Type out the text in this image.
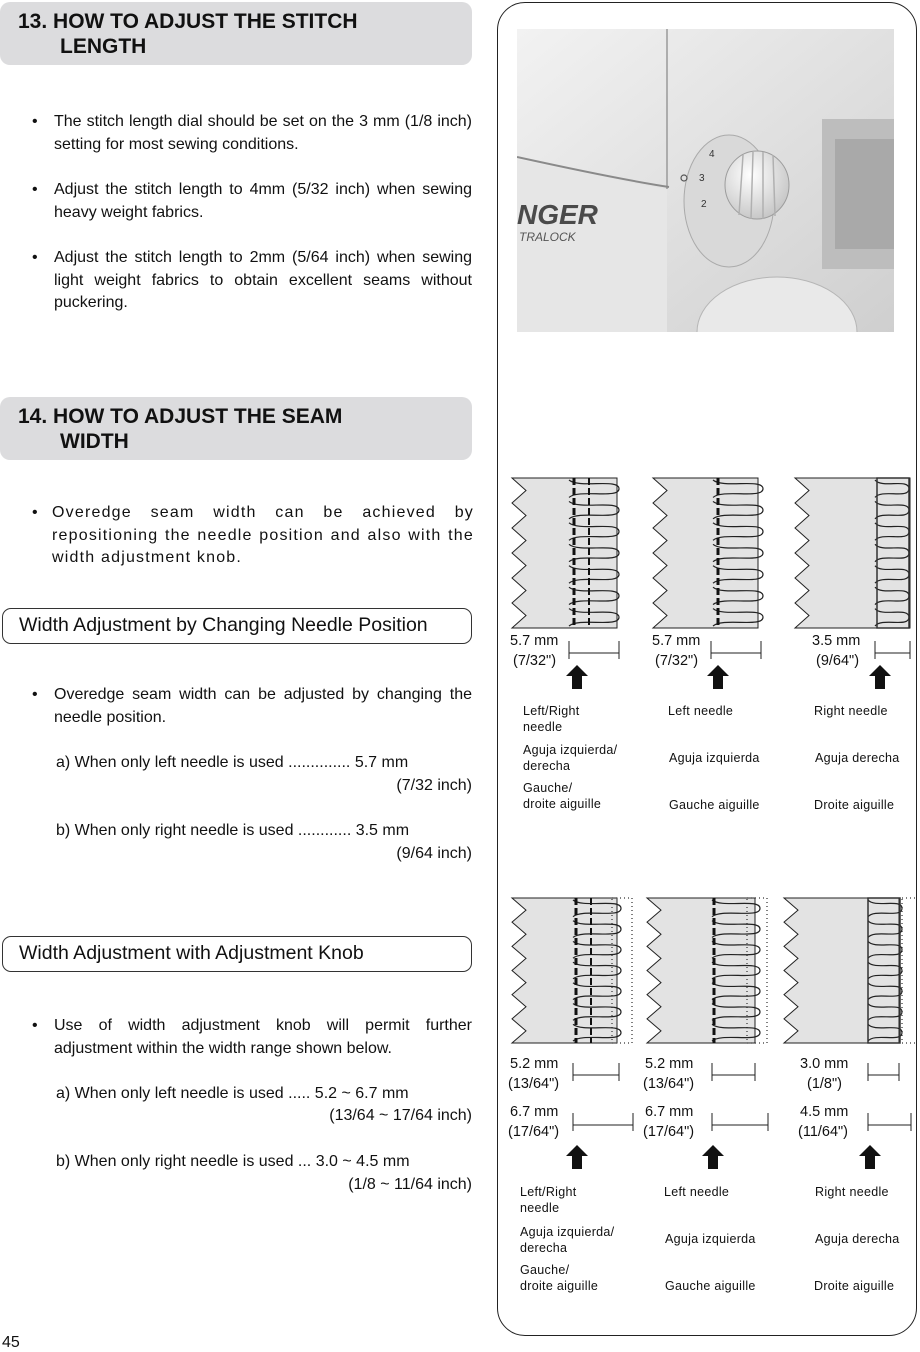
13. HOW TO ADJUST THE STITCH
LENGTH
• The stitch length dial should be set on the 3 mm (1/8 inch) setting for most sewing conditions.
• Adjust the stitch length to 4mm (5/32 inch) when sewing heavy weight fabrics.
• Adjust the stitch length to 2mm (5/64 inch) when sewing light weight fabrics to obtain excellent seams without puckering.
14. HOW TO ADJUST THE SEAM
WIDTH
• Overedge seam width can be achieved by repositioning the needle position and also with the width adjustment knob.
Width Adjustment by Changing Needle Position
• Overedge seam width can be adjusted by changing the needle position.
a) When only left needle is used .............. 5.7 mm
(7/32 inch)
b) When only right needle is used ............ 3.5 mm
(9/64 inch)
Width Adjustment with Adjustment Knob
• Use of width adjustment knob will permit further adjustment within the width range shown below.
a) When only left needle is used ..... 5.2 ~ 6.7 mm
(13/64 ~ 17/64 inch)
b) When only right needle is used ... 3.0 ~ 4.5 mm
(1/8 ~ 11/64 inch)
45
4
3
2
NGER
TRALOCK
5.7 mm
(7/32")
5.7 mm
(7/32")
3.5 mm
(9/64")
Left/Right
needle
Aguja izquierda/
derecha
Gauche/
droite aiguille
Left needle
Aguja izquierda
Gauche aiguille
Right needle
Aguja derecha
Droite aiguille
5.2 mm
(13/64")
6.7 mm
(17/64")
5.2 mm
(13/64")
6.7 mm
(17/64")
3.0 mm
(1/8")
4.5 mm
(11/64")
Left/Right
needle
Aguja izquierda/
derecha
Gauche/
droite aiguille
Left needle
Aguja izquierda
Gauche aiguille
Right needle
Aguja derecha
Droite aiguille
